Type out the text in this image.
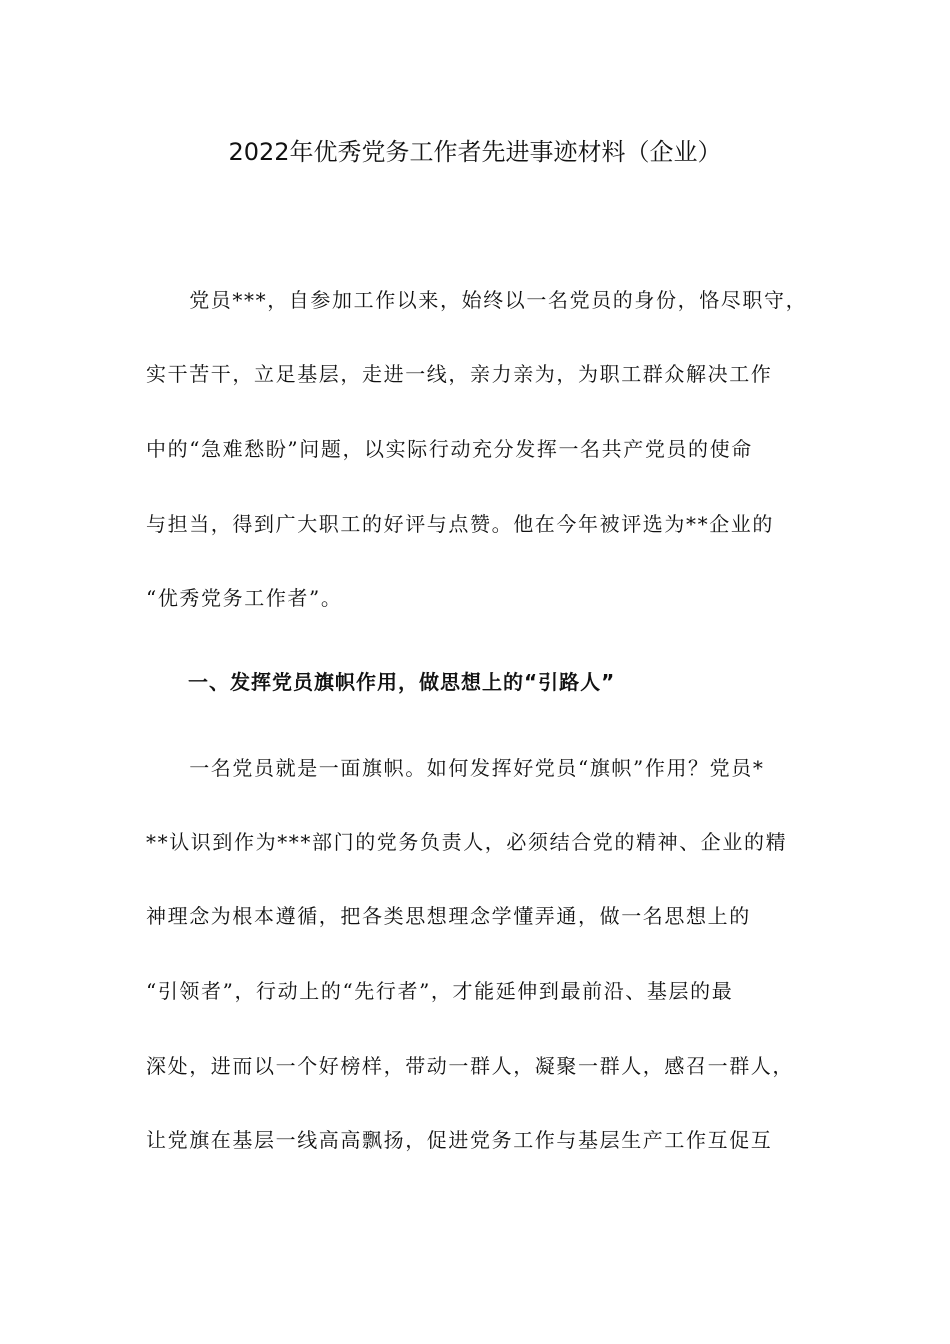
2022年优秀党务工作者先进事迹材料（企业）
　　党员***，自参加工作以来，始终以一名党员的身份，恪尽职守，
实干苦干，立足基层，走进一线，亲力亲为，为职工群众解决工作
中的“急难愁盼”问题，以实际行动充分发挥一名共产党员的使命
与担当，得到广大职工的好评与点赞。他在今年被评选为**企业的
“优秀党务工作者”。
　　一、发挥党员旗帜作用，做思想上的“引路人”
　　一名党员就是一面旗帜。如何发挥好党员“旗帜”作用？党员*
**认识到作为***部门的党务负责人，必须结合党的精神、企业的精
神理念为根本遵循，把各类思想理念学懂弄通，做一名思想上的
“引领者”，行动上的“先行者”，才能延伸到最前沿、基层的最
深处，进而以一个好榜样，带动一群人，凝聚一群人，感召一群人，
让党旗在基层一线高高飘扬，促进党务工作与基层生产工作互促互
